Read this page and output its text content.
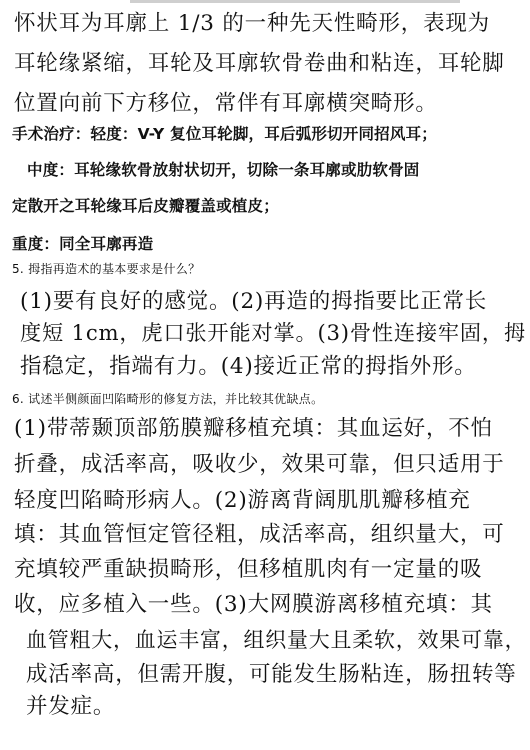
怀状耳为耳廓上 1/3 的一种先天性畸形，表现为
耳轮缘紧缩，耳轮及耳廓软骨卷曲和粘连，耳轮脚
位置向前下方移位，常伴有耳廓横突畸形。
手术治疗：轻度：V-Y 复位耳轮脚，耳后弧形切开同招风耳；
中度：耳轮缘软骨放射状切开，切除一条耳廓或肋软骨固
定散开之耳轮缘耳后皮瓣覆盖或植皮；
重度：同全耳廓再造
5. 拇指再造术的基本要求是什么？
(1)要有良好的感觉。(2)再造的拇指要比正常长
度短 1cm，虎口张开能对掌。(3)骨性连接牢固，拇
指稳定，指端有力。(4)接近正常的拇指外形。
6. 试述半侧颜面凹陷畸形的修复方法，并比较其优缺点。
(1)带蒂颞顶部筋膜瓣移植充填：其血运好，不怕
折叠，成活率高，吸收少，效果可靠，但只适用于
轻度凹陷畸形病人。(2)游离背阔肌肌瓣移植充
填：其血管恒定管径粗，成活率高，组织量大，可
充填较严重缺损畸形，但移植肌肉有一定量的吸
收，应多植入一些。(3)大网膜游离移植充填：其
血管粗大，血运丰富，组织量大且柔软，效果可靠，
成活率高，但需开腹，可能发生肠粘连，肠扭转等
并发症。
